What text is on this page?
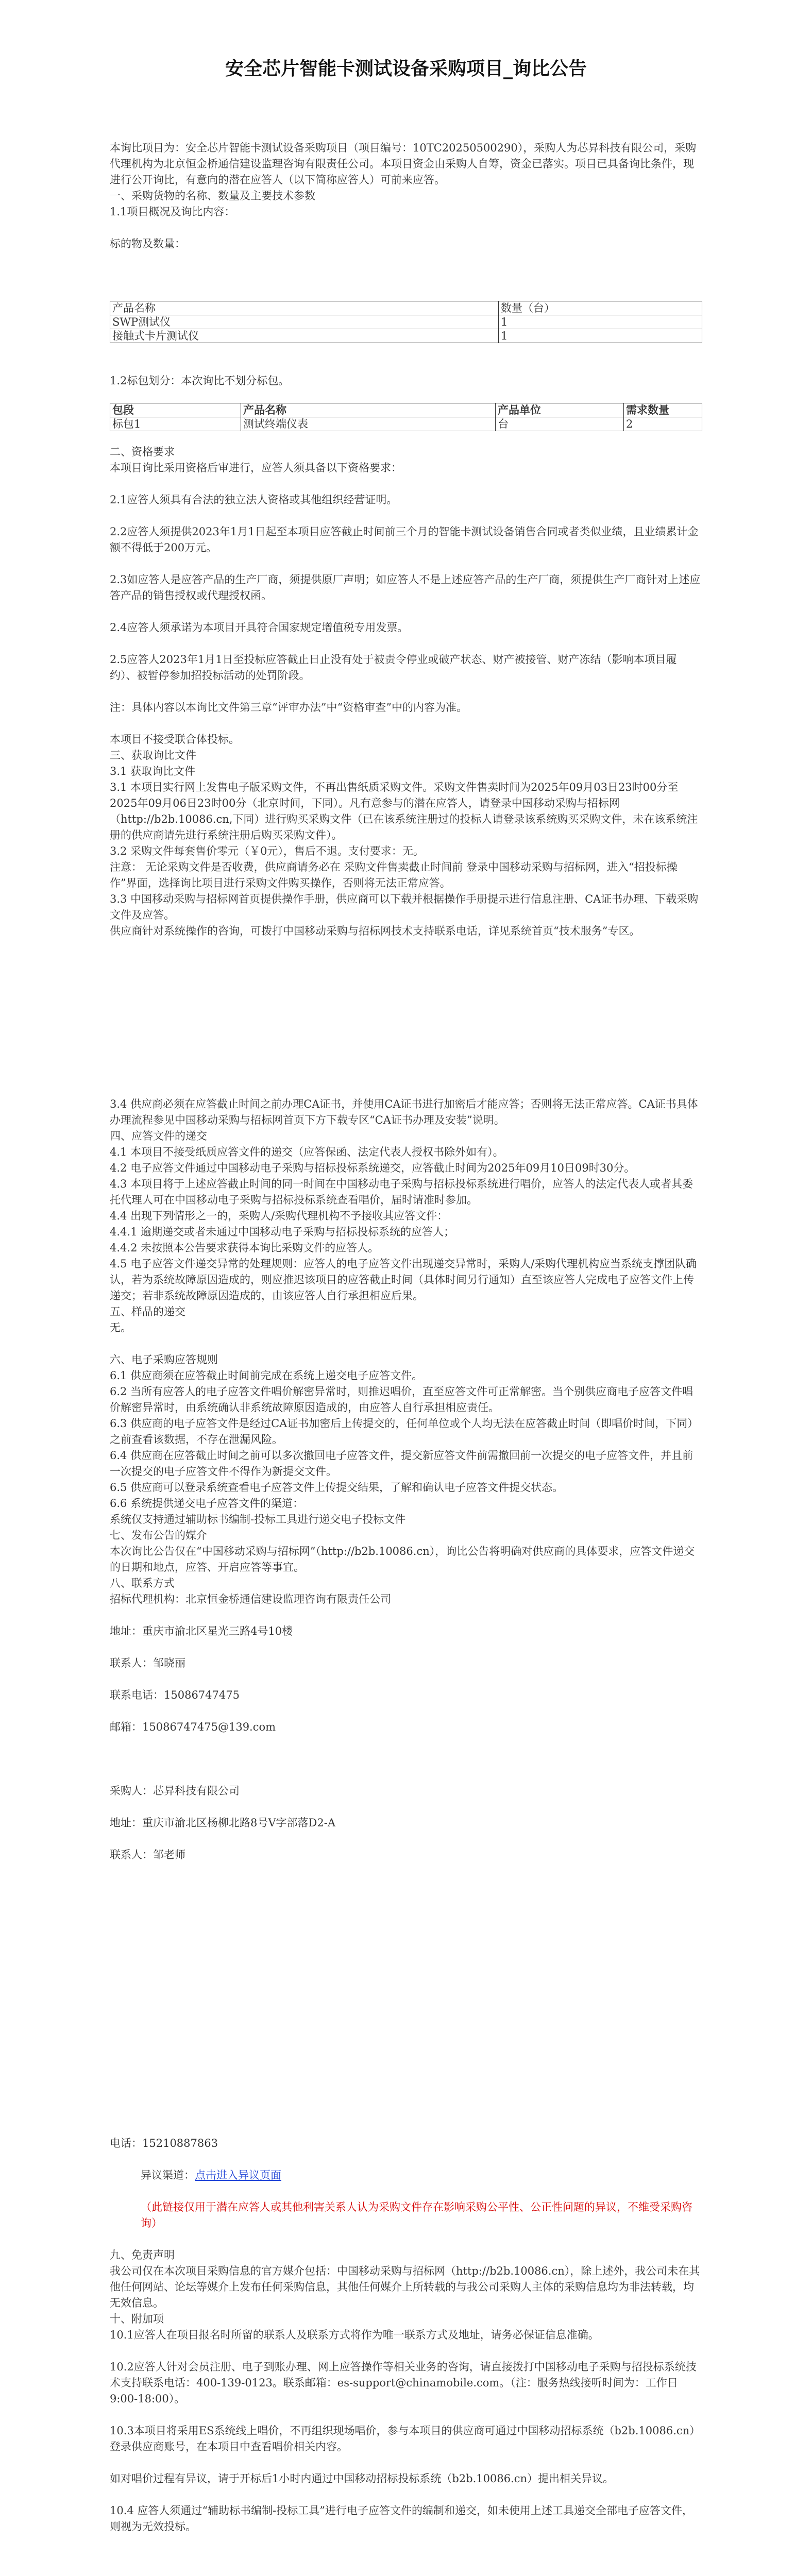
安全芯片智能卡测试设备采购项目_询比公告

本询比项目为：安全芯片智能卡测试设备采购项目（项目编号：10TC20250500290），采购人为芯昇科技有限公司，采购代理机构为北京恒金桥通信建设监理咨询有限责任公司。本项目资金由采购人自筹，资金已落实。项目已具备询比条件，现进行公开询比，有意向的潜在应答人（以下简称应答人）可前来应答。

一、采购货物的名称、数量及主要技术参数

1.1项目概况及询比内容：

标的物及数量：

产品名称	数量（台）
SWP测试仪	1
接触式卡片测试仪	1

1.2标包划分：本次询比不划分标包。

包段	产品名称	产品单位	需求数量
标包1	测试终端仪表	台	2

二、资格要求

本项目询比采用资格后审进行，应答人须具备以下资格要求：

2.1应答人须具有合法的独立法人资格或其他组织经营证明。

2.2应答人须提供2023年1月1日起至本项目应答截止时间前三个月的智能卡测试设备销售合同或者类似业绩，且业绩累计金额不得低于200万元。

2.3如应答人是应答产品的生产厂商，须提供原厂声明；如应答人不是上述应答产品的生产厂商，须提供生产厂商针对上述应答产品的销售授权或代理授权函。

2.4应答人须承诺为本项目开具符合国家规定增值税专用发票。

2.5应答人2023年1月1日至投标应答截止日止没有处于被责令停业或破产状态、财产被接管、财产冻结（影响本项目履约）、被暂停参加招投标活动的处罚阶段。

注：具体内容以本询比文件第三章“评审办法”中“资格审查”中的内容为准。

本项目不接受联合体投标。

三、获取询比文件

3.1 获取询比文件

3.1 本项目实行网上发售电子版采购文件，不再出售纸质采购文件。采购文件售卖时间为2025年09月03日23时00分至2025年09月06日23时00分（北京时间，下同）。凡有意参与的潜在应答人，请登录中国移动采购与招标网（http://b2b.10086.cn,下同）进行购买采购文件（已在该系统注册过的投标人请登录该系统购买采购文件，未在该系统注册的供应商请先进行系统注册后购买采购文件）。

3.2 采购文件每套售价零元（￥0元），售后不退。支付要求：无。

注意： 无论采购文件是否收费，供应商请务必在 采购文件售卖截止时间前 登录中国移动采购与招标网，进入“招投标操作”界面，选择询比项目进行采购文件购买操作，否则将无法正常应答。

3.3 中国移动采购与招标网首页提供操作手册，供应商可以下载并根据操作手册提示进行信息注册、CA证书办理、下载采购文件及应答。

供应商针对系统操作的咨询，可拨打中国移动采购与招标网技术支持联系电话，详见系统首页“技术服务”专区。

3.4 供应商必须在应答截止时间之前办理CA证书，并使用CA证书进行加密后才能应答；否则将无法正常应答。CA证书具体办理流程参见中国移动采购与招标网首页下方下载专区“CA证书办理及安装”说明。

四、应答文件的递交

4.1 本项目不接受纸质应答文件的递交（应答保函、法定代表人授权书除外如有）。

4.2 电子应答文件通过中国移动电子采购与招标投标系统递交，应答截止时间为2025年09月10日09时30分。

4.3 本项目将于上述应答截止时间的同一时间在中国移动电子采购与招标投标系统进行唱价，应答人的法定代表人或者其委托代理人可在中国移动电子采购与招标投标系统查看唱价，届时请准时参加。

4.4 出现下列情形之一的，采购人/采购代理机构不予接收其应答文件：

4.4.1 逾期递交或者未通过中国移动电子采购与招标投标系统的应答人；

4.4.2 未按照本公告要求获得本询比采购文件的应答人。

4.5 电子应答文件递交异常的处理规则：应答人的电子应答文件出现递交异常时，采购人/采购代理机构应当系统支撑团队确认，若为系统故障原因造成的，则应推迟该项目的应答截止时间（具体时间另行通知）直至该应答人完成电子应答文件上传递交；若非系统故障原因造成的，由该应答人自行承担相应后果。

五、样品的递交

无。

六、电子采购应答规则

6.1 供应商须在应答截止时间前完成在系统上递交电子应答文件。

6.2 当所有应答人的电子应答文件唱价解密异常时，则推迟唱价，直至应答文件可正常解密。当个别供应商电子应答文件唱价解密异常时，由系统确认非系统故障原因造成的，由应答人自行承担相应责任。

6.3 供应商的电子应答文件是经过CA证书加密后上传提交的，任何单位或个人均无法在应答截止时间（即唱价时间，下同）之前查看该数据，不存在泄漏风险。

6.4 供应商在应答截止时间之前可以多次撤回电子应答文件，提交新应答文件前需撤回前一次提交的电子应答文件，并且前一次提交的电子应答文件不得作为新提交文件。

6.5 供应商可以登录系统查看电子应答文件上传提交结果，了解和确认电子应答文件提交状态。

6.6 系统提供递交电子应答文件的渠道：

系统仅支持通过辅助标书编制-投标工具进行递交电子投标文件

七、发布公告的媒介

本次询比公告仅在“中国移动采购与招标网”（http://b2b.10086.cn），询比公告将明确对供应商的具体要求，应答文件递交的日期和地点，应答、开启应答等事宜。

八、联系方式

招标代理机构：北京恒金桥通信建设监理咨询有限责任公司

地址：重庆市渝北区星光三路4号10楼

联系人：邹晓丽

联系电话：15086747475

邮箱：15086747475@139.com

采购人：芯昇科技有限公司

地址：重庆市渝北区杨柳北路8号V字部落D2-A

联系人：邹老师

电话：15210887863

异议渠道：点击进入异议页面

（此链接仅用于潜在应答人或其他利害关系人认为采购文件存在影响采购公平性、公正性问题的异议，不维受采购咨询）

九、免责声明

我公司仅在本次项目采购信息的官方媒介包括：中国移动采购与招标网（http://b2b.10086.cn），除上述外，我公司未在其他任何网站、论坛等媒介上发布任何采购信息，其他任何媒介上所转载的与我公司采购人主体的采购信息均为非法转载，均无效信息。

十、附加项

10.1应答人在项目报名时所留的联系人及联系方式将作为唯一联系方式及地址，请务必保证信息准确。

10.2应答人针对会员注册、电子到账办理、网上应答操作等相关业务的咨询，请直接拨打中国移动电子采购与招投标系统技术支持联系电话：400-139-0123。联系邮箱：es-support@chinamobile.com。（注：服务热线接听时间为：工作日9:00-18:00）。

10.3本项目将采用ES系统线上唱价，不再组织现场唱价，参与本项目的供应商可通过中国移动招标系统（b2b.10086.cn）登录供应商账号，在本项目中查看唱价相关内容。

如对唱价过程有异议，请于开标后1小时内通过中国移动招标投标系统（b2b.10086.cn）提出相关异议。

10.4 应答人须通过“辅助标书编制-投标工具”进行电子应答文件的编制和递交，如未使用上述工具递交全部电子应答文件，则视为无效投标。
